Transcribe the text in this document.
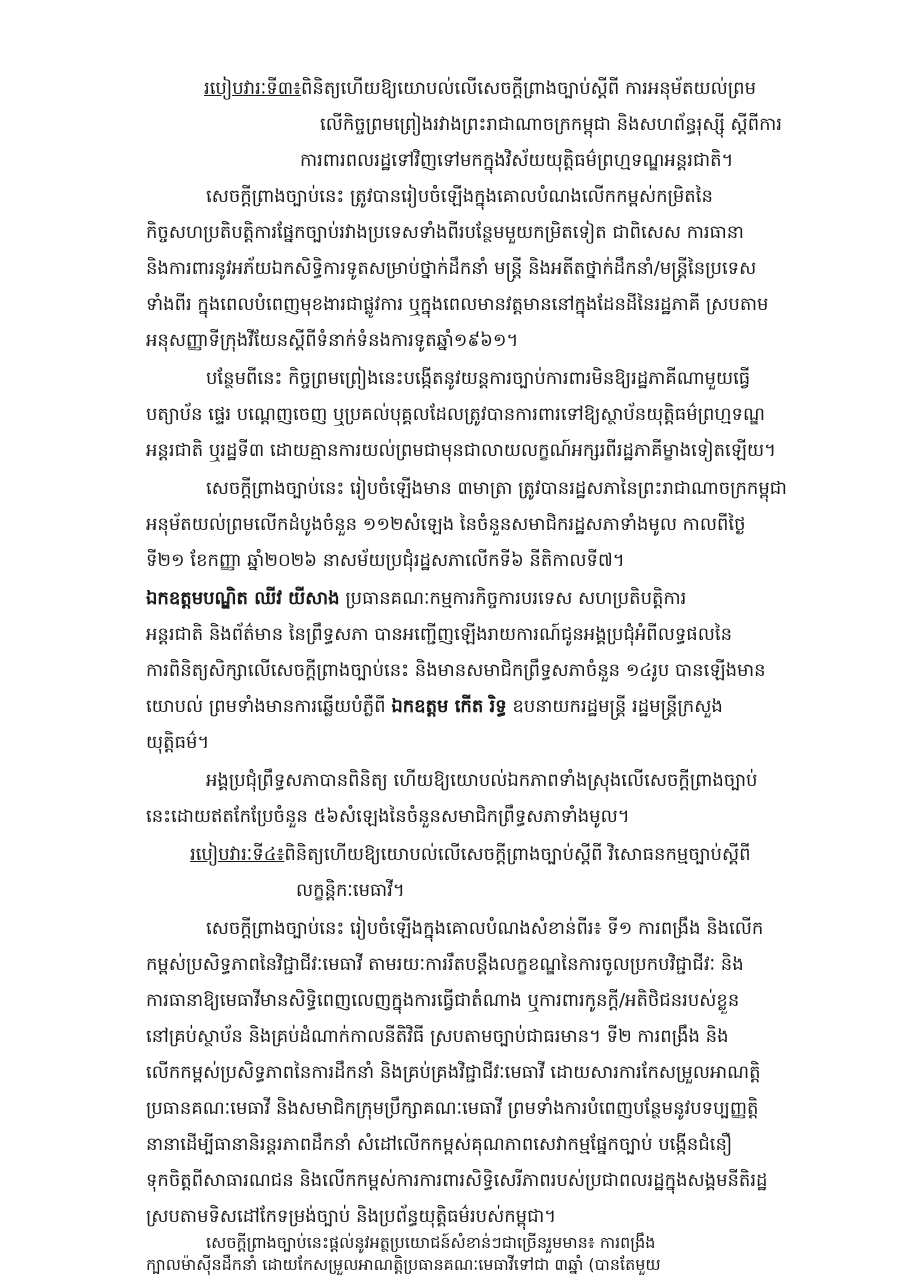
របៀបវារៈទី៣៖ពិនិត្យហើយឱ្យយោបល់លើសេចក្តីព្រាងច្បាប់ស្តីពី ការអនុម័តយល់ព្រម
លើកិច្ចព្រមព្រៀងរវាងព្រះរាជាណាចក្រកម្ពុជា និងសហព័ន្ធរុស្ស៊ី ស្តីពីការ
ការពារពលរដ្ឋទៅវិញទៅមកក្នុងវិស័យយុត្តិធម៌ព្រហ្មទណ្ឌអន្តរជាតិ។
សេចក្តីព្រាងច្បាប់នេះ ត្រូវបានរៀបចំឡើងក្នុងគោលបំណងលើកកម្ពស់កម្រិតនៃ
កិច្ចសហប្រតិបត្តិការផ្នែកច្បាប់រវាងប្រទេសទាំងពីរបន្ថែមមួយកម្រិតទៀត ជាពិសេស ការធានា
និងការពារនូវអភ័យឯកសិទ្ធិការទូតសម្រាប់ថ្នាក់ដឹកនាំ មន្ត្រី និងអតីតថ្នាក់ដឹកនាំ/មន្ត្រីនៃប្រទេស
ទាំងពីរ ក្នុងពេលបំពេញមុខងារជាផ្លូវការ ឬក្នុងពេលមានវត្តមាននៅក្នុងដែនដីនៃរដ្ឋភាគី ស្របតាម
អនុសញ្ញាទីក្រុងវីយែនស្តីពីទំនាក់ទំនងការទូតឆ្នាំ១៩៦១។
បន្ថែមពីនេះ កិច្ចព្រមព្រៀងនេះបង្កើតនូវយន្តការច្បាប់ការពារមិនឱ្យរដ្ឋភាគីណាមួយធ្វើ
បត្យាប័ន ផ្ទេរ បណ្តេញចេញ ឬប្រគល់បុគ្គលដែលត្រូវបានការពារទៅឱ្យស្ថាប័នយុត្តិធម៌ព្រហ្មទណ្ឌ
អន្តរជាតិ ឬរដ្ឋទី៣ ដោយគ្មានការយល់ព្រមជាមុនជាលាយលក្ខណ៍អក្សរពីរដ្ឋភាគីម្ខាងទៀតឡើយ។
សេចក្តីព្រាងច្បាប់នេះ រៀបចំឡើងមាន ៣មាត្រា ត្រូវបានរដ្ឋសភានៃព្រះរាជាណាចក្រកម្ពុជា
អនុម័តយល់ព្រមលើកដំបូងចំនួន ១១២សំឡេង នៃចំនួនសមាជិករដ្ឋសភាទាំងមូល កាលពីថ្ងៃ
ទី២១ ខែកញ្ញា ឆ្នាំ២០២៦ នាសម័យប្រជុំរដ្ឋសភាលើកទី៦ នីតិកាលទី៧។
ឯកឧត្តមបណ្ឌិត ឈីវ យីសាង ប្រធានគណៈកម្មការកិច្ចការបរទេស សហប្រតិបត្តិការ
អន្តរជាតិ និងព័ត៌មាន នៃព្រឹទ្ធសភា បានអញ្ជើញឡើងរាយការណ៍ជូនអង្គប្រជុំអំពីលទ្ធផលនៃ
ការពិនិត្យសិក្សាលើសេចក្តីព្រាងច្បាប់នេះ និងមានសមាជិកព្រឹទ្ធសភាចំនួន ១៤រូប បានឡើងមាន
យោបល់ ព្រមទាំងមានការឆ្លើយបំភ្លឺពី ឯកឧត្តម កើត រិទ្ធ ឧបនាយករដ្ឋមន្ត្រី រដ្ឋមន្ត្រីក្រសួង
យុត្តិធម៌។
អង្គប្រជុំព្រឹទ្ធសភាបានពិនិត្យ ហើយឱ្យយោបល់ឯកភាពទាំងស្រុងលើសេចក្តីព្រាងច្បាប់
នេះដោយឥតកែប្រែចំនួន ៥៦សំឡេងនៃចំនួនសមាជិកព្រឹទ្ធសភាទាំងមូល។
របៀបវារៈទី៤៖ពិនិត្យហើយឱ្យយោបល់លើសេចក្តីព្រាងច្បាប់ស្តីពី វិសោធនកម្មច្បាប់ស្តីពី
លក្ខន្តិកៈមេធាវី។
សេចក្តីព្រាងច្បាប់នេះ រៀបចំឡើងក្នុងគោលបំណងសំខាន់ពីរ៖ ទី១ ការពង្រឹង និងលើក
កម្ពស់ប្រសិទ្ធភាពនៃវិជ្ជាជីវៈមេធាវី តាមរយៈការរឹតបន្តឹងលក្ខខណ្ឌនៃការចូលប្រកបវិជ្ជាជីវៈ និង
ការធានាឱ្យមេធាវីមានសិទ្ធិពេញលេញក្នុងការធ្វើជាតំណាង ឬការពារកូនក្តី/អតិថិជនរបស់ខ្លួន
នៅគ្រប់ស្ថាប័ន និងគ្រប់ដំណាក់កាលនីតិវិធី ស្របតាមច្បាប់ជាធរមាន។ ទី២ ការពង្រឹង និង
លើកកម្ពស់ប្រសិទ្ធភាពនៃការដឹកនាំ និងគ្រប់គ្រងវិជ្ជាជីវៈមេធាវី ដោយសារការកែសម្រួលអាណត្តិ
ប្រធានគណៈមេធាវី និងសមាជិកក្រុមប្រឹក្សាគណៈមេធាវី ព្រមទាំងការបំពេញបន្ថែមនូវបទប្បញ្ញត្តិ
នានាដើម្បីធានានិរន្តរភាពដឹកនាំ សំដៅលើកកម្ពស់គុណភាពសេវាកម្មផ្នែកច្បាប់ បង្កើនជំនឿ
ទុកចិត្តពីសាធារណជន និងលើកកម្ពស់ការការពារសិទ្ធិសេរីភាពរបស់ប្រជាពលរដ្ឋក្នុងសង្គមនីតិរដ្ឋ
ស្របតាមទិសដៅកែទម្រង់ច្បាប់ និងប្រព័ន្ធយុត្តិធម៌របស់កម្ពុជា។
សេចក្តីព្រាងច្បាប់នេះផ្តល់នូវអត្ថប្រយោជន៍សំខាន់ៗជាច្រើនរួមមាន៖ ការពង្រឹង
ក្បាលម៉ាស៊ីនដឹកនាំ ដោយកែសម្រួលអាណត្តិប្រធានគណៈមេធាវីទៅជា ៣ឆ្នាំ (បានតែមួយ
